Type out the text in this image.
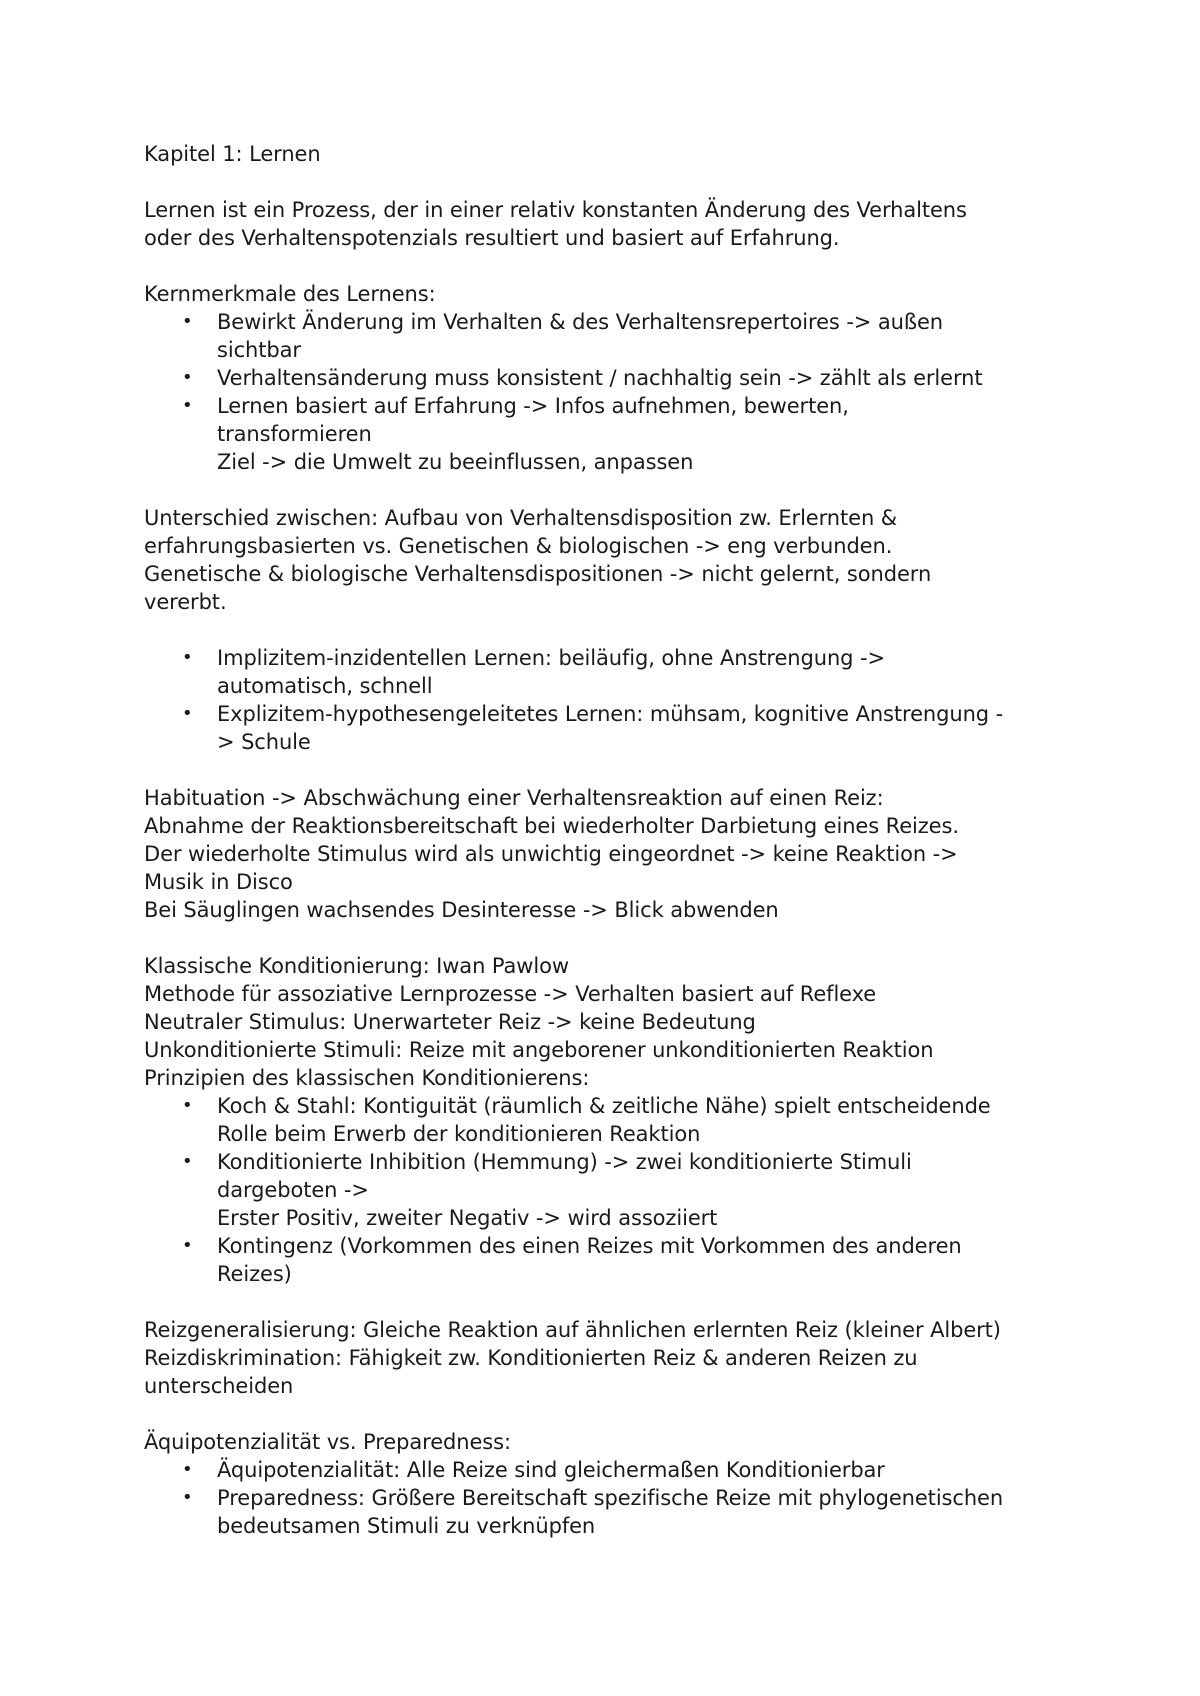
Kapitel 1: Lernen

Lernen ist ein Prozess, der in einer relativ konstanten Änderung des Verhaltens

oder des Verhaltenspotenzials resultiert und basiert auf Erfahrung.

Kernmerkmale des Lernens:

• Bewirkt Änderung im Verhalten & des Verhaltensrepertoires -> außen

sichtbar

• Verhaltensänderung muss konsistent / nachhaltig sein -> zählt als erlernt

• Lernen basiert auf Erfahrung -> Infos aufnehmen, bewerten,

transformieren

Ziel -> die Umwelt zu beeinflussen, anpassen

Unterschied zwischen: Aufbau von Verhaltensdisposition zw. Erlernten &

erfahrungsbasierten vs. Genetischen & biologischen -> eng verbunden.

Genetische & biologische Verhaltensdispositionen -> nicht gelernt, sondern

vererbt.

• Implizitem-inzidentellen Lernen: beiläufig, ohne Anstrengung ->

automatisch, schnell

• Explizitem-hypothesengeleitetes Lernen: mühsam, kognitive Anstrengung -

> Schule

Habituation -> Abschwächung einer Verhaltensreaktion auf einen Reiz:

Abnahme der Reaktionsbereitschaft bei wiederholter Darbietung eines Reizes.

Der wiederholte Stimulus wird als unwichtig eingeordnet -> keine Reaktion ->

Musik in Disco

Bei Säuglingen wachsendes Desinteresse -> Blick abwenden

Klassische Konditionierung: Iwan Pawlow

Methode für assoziative Lernprozesse -> Verhalten basiert auf Reflexe

Neutraler Stimulus: Unerwarteter Reiz -> keine Bedeutung

Unkonditionierte Stimuli: Reize mit angeborener unkonditionierten Reaktion

Prinzipien des klassischen Konditionierens:

• Koch & Stahl: Kontiguität (räumlich & zeitliche Nähe) spielt entscheidende

Rolle beim Erwerb der konditionieren Reaktion

• Konditionierte Inhibition (Hemmung) -> zwei konditionierte Stimuli

dargeboten ->

Erster Positiv, zweiter Negativ -> wird assoziiert

• Kontingenz (Vorkommen des einen Reizes mit Vorkommen des anderen

Reizes)

Reizgeneralisierung: Gleiche Reaktion auf ähnlichen erlernten Reiz (kleiner Albert)

Reizdiskrimination: Fähigkeit zw. Konditionierten Reiz & anderen Reizen zu

unterscheiden

Äquipotenzialität vs. Preparedness:

• Äquipotenzialität: Alle Reize sind gleichermaßen Konditionierbar

• Preparedness: Größere Bereitschaft spezifische Reize mit phylogenetischen

bedeutsamen Stimuli zu verknüpfen
